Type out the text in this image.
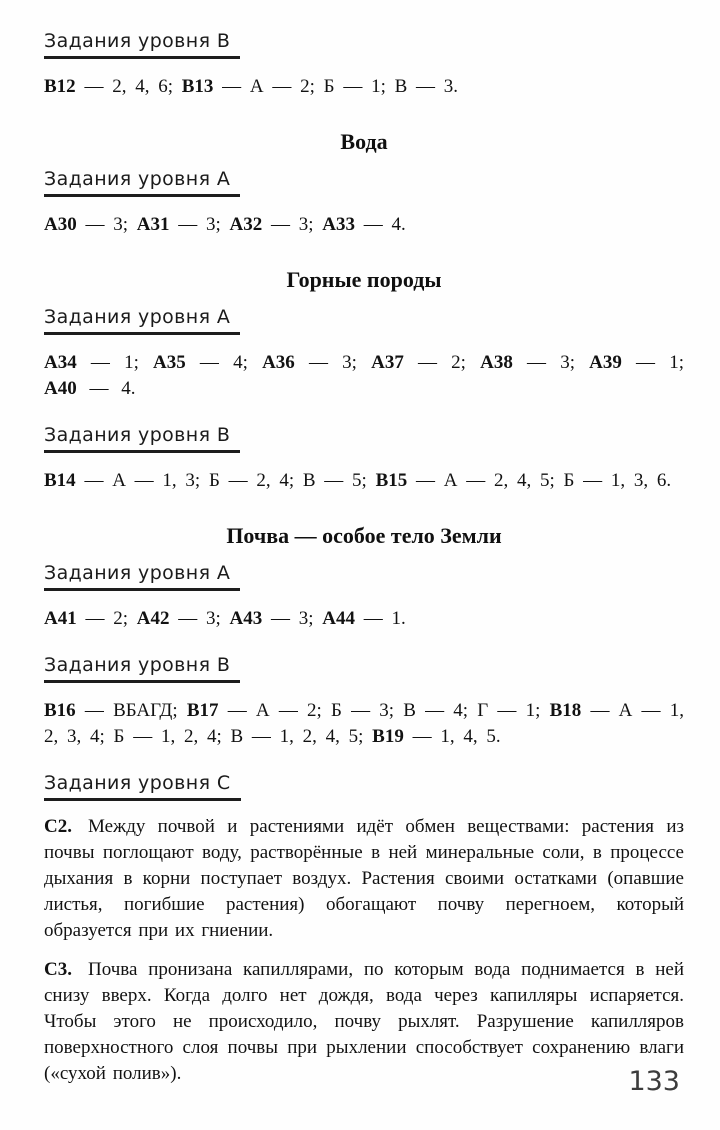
Задания уровня В

В12 — 2, 4, 6; В13 — А — 2; Б — 1; В — 3.

Вода
Задания уровня А

А30 — 3; А31 — 3; А32 — 3; А33 — 4.

Горные породы
Задания уровня А

А34 — 1; А35 — 4; А36 — 3; А37 — 2; А38 — 3; А39 — 1; А40 — 4.

Задания уровня В

В14 — А — 1, 3; Б — 2, 4; В — 5; В15 — А — 2, 4, 5; Б — 1, 3, 6.

Почва — особое тело Земли
Задания уровня А

А41 — 2; А42 — 3; А43 — 3; А44 — 1.

Задания уровня В

В16 — ВБАГД; В17 — А — 2; Б — 3; В — 4; Г — 1; В18 — А — 1, 2, 3, 4; Б — 1, 2, 4; В — 1, 2, 4, 5; В19 — 1, 4, 5.

Задания уровня С

С2. Между почвой и растениями идёт обмен веществами: растения из почвы поглощают воду, растворённые в ней минеральные соли, в процессе дыхания в корни поступает воздух. Растения своими остатками (опавшие листья, погибшие растения) обогащают почву перегноем, который образуется при их гниении.

С3. Почва пронизана капиллярами, по которым вода поднимается в ней снизу вверх. Когда долго нет дождя, вода через капилляры испаряется. Чтобы этого не происходило, почву рыхлят. Разрушение капилляров поверхностного слоя почвы при рыхлении способствует сохранению влаги («сухой полив»).	133
